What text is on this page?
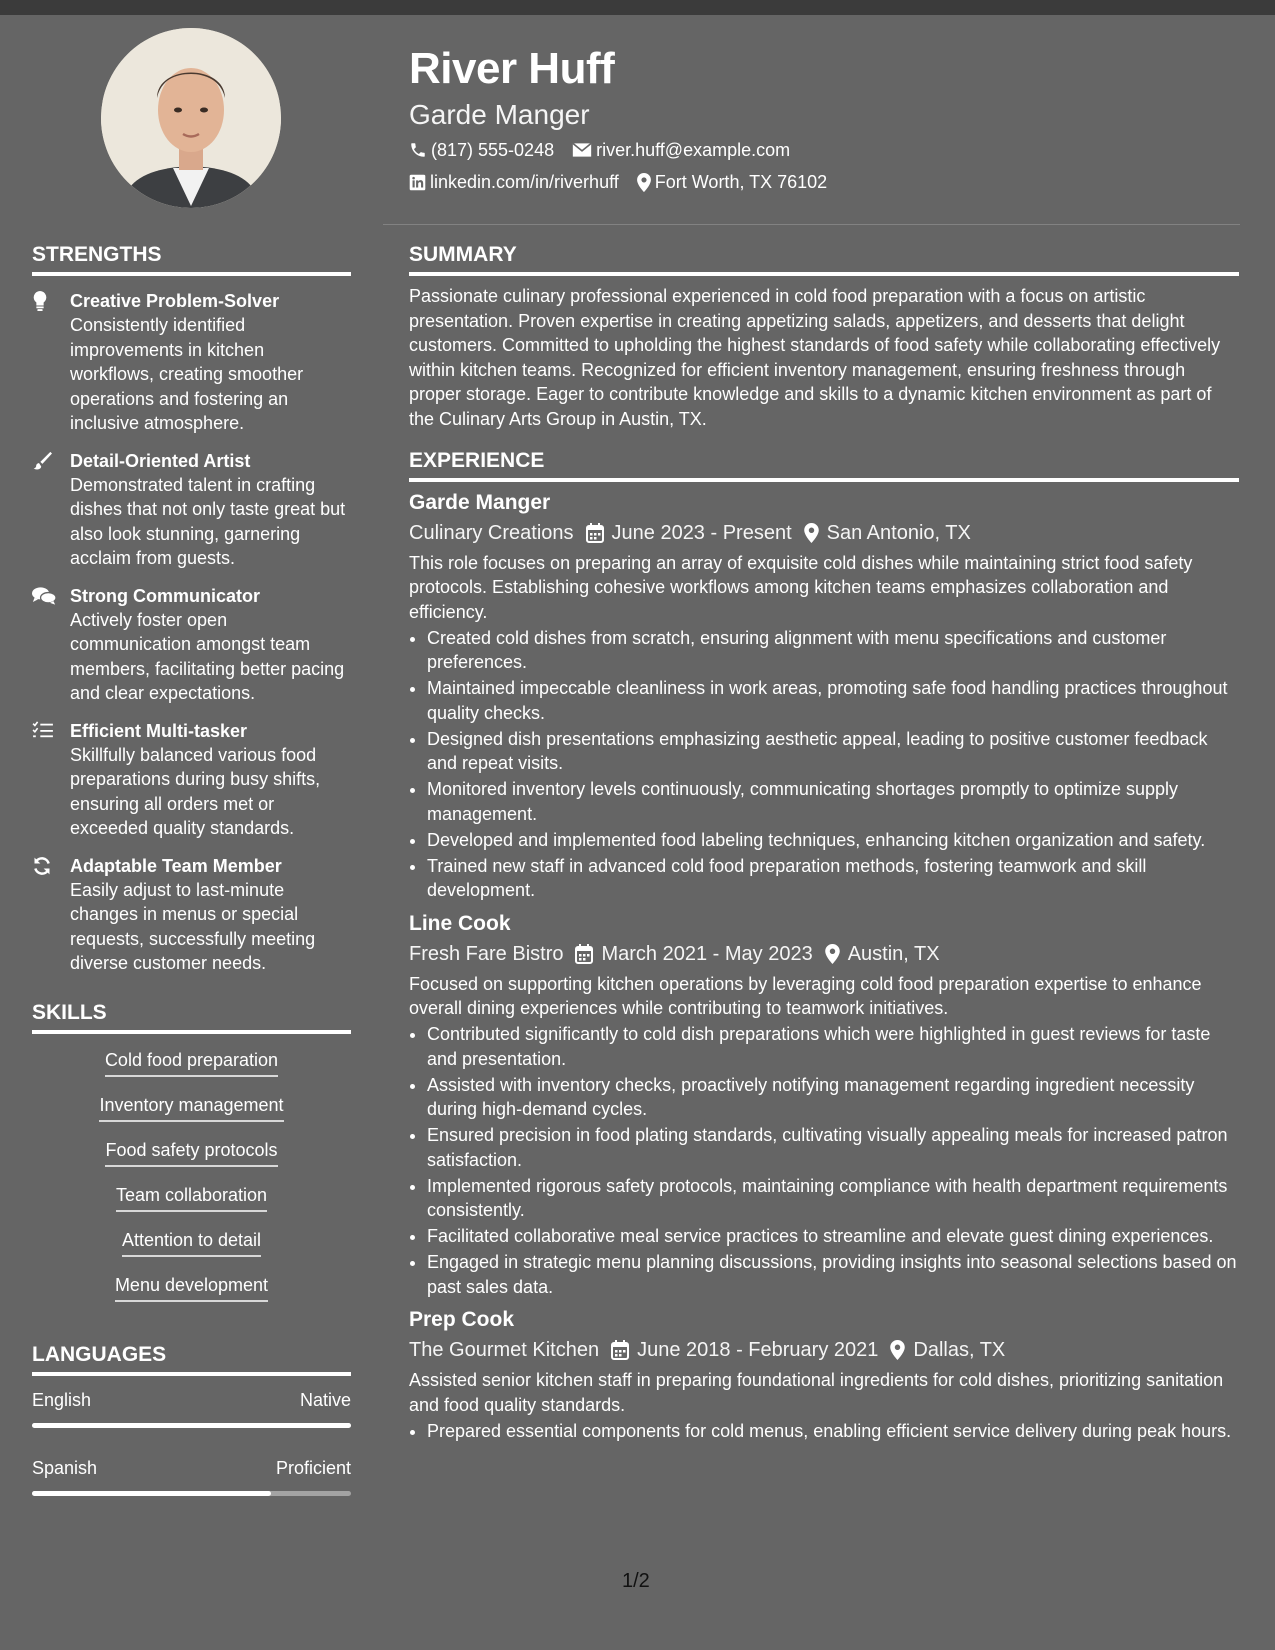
River Huff
Garde Manger
(817) 555-0248 river.huff@example.com
linkedin.com/in/riverhuff Fort Worth, TX 76102
STRENGTHS
Creative Problem-Solver
Consistently identified improvements in kitchen workflows, creating smoother operations and fostering an inclusive atmosphere.
Detail-Oriented Artist
Demonstrated talent in crafting dishes that not only taste great but also look stunning, garnering acclaim from guests.
Strong Communicator
Actively foster open communication amongst team members, facilitating better pacing and clear expectations.
Efficient Multi-tasker
Skillfully balanced various food preparations during busy shifts, ensuring all orders met or exceeded quality standards.
Adaptable Team Member
Easily adjust to last-minute changes in menus or special requests, successfully meeting diverse customer needs.
SKILLS
Cold food preparation
Inventory management
Food safety protocols
Team collaboration
Attention to detail
Menu development
LANGUAGES
English	Native
Spanish	Proficient
SUMMARY
Passionate culinary professional experienced in cold food preparation with a focus on artistic presentation. Proven expertise in creating appetizing salads, appetizers, and desserts that delight customers. Committed to upholding the highest standards of food safety while collaborating effectively within kitchen teams. Recognized for efficient inventory management, ensuring freshness through proper storage. Eager to contribute knowledge and skills to a dynamic kitchen environment as part of the Culinary Arts Group in Austin, TX.
EXPERIENCE
Garde Manger
Culinary Creations June 2023 - Present San Antonio, TX
This role focuses on preparing an array of exquisite cold dishes while maintaining strict food safety protocols. Establishing cohesive workflows among kitchen teams emphasizes collaboration and efficiency.
• Created cold dishes from scratch, ensuring alignment with menu specifications and customer preferences.
• Maintained impeccable cleanliness in work areas, promoting safe food handling practices throughout quality checks.
• Designed dish presentations emphasizing aesthetic appeal, leading to positive customer feedback and repeat visits.
• Monitored inventory levels continuously, communicating shortages promptly to optimize supply management.
• Developed and implemented food labeling techniques, enhancing kitchen organization and safety.
• Trained new staff in advanced cold food preparation methods, fostering teamwork and skill development.
Line Cook
Fresh Fare Bistro March 2021 - May 2023 Austin, TX
Focused on supporting kitchen operations by leveraging cold food preparation expertise to enhance overall dining experiences while contributing to teamwork initiatives.
• Contributed significantly to cold dish preparations which were highlighted in guest reviews for taste and presentation.
• Assisted with inventory checks, proactively notifying management regarding ingredient necessity during high-demand cycles.
• Ensured precision in food plating standards, cultivating visually appealing meals for increased patron satisfaction.
• Implemented rigorous safety protocols, maintaining compliance with health department requirements consistently.
• Facilitated collaborative meal service practices to streamline and elevate guest dining experiences.
• Engaged in strategic menu planning discussions, providing insights into seasonal selections based on past sales data.
Prep Cook
The Gourmet Kitchen June 2018 - February 2021 Dallas, TX
Assisted senior kitchen staff in preparing foundational ingredients for cold dishes, prioritizing sanitation and food quality standards.
• Prepared essential components for cold menus, enabling efficient service delivery during peak hours.
1/2
